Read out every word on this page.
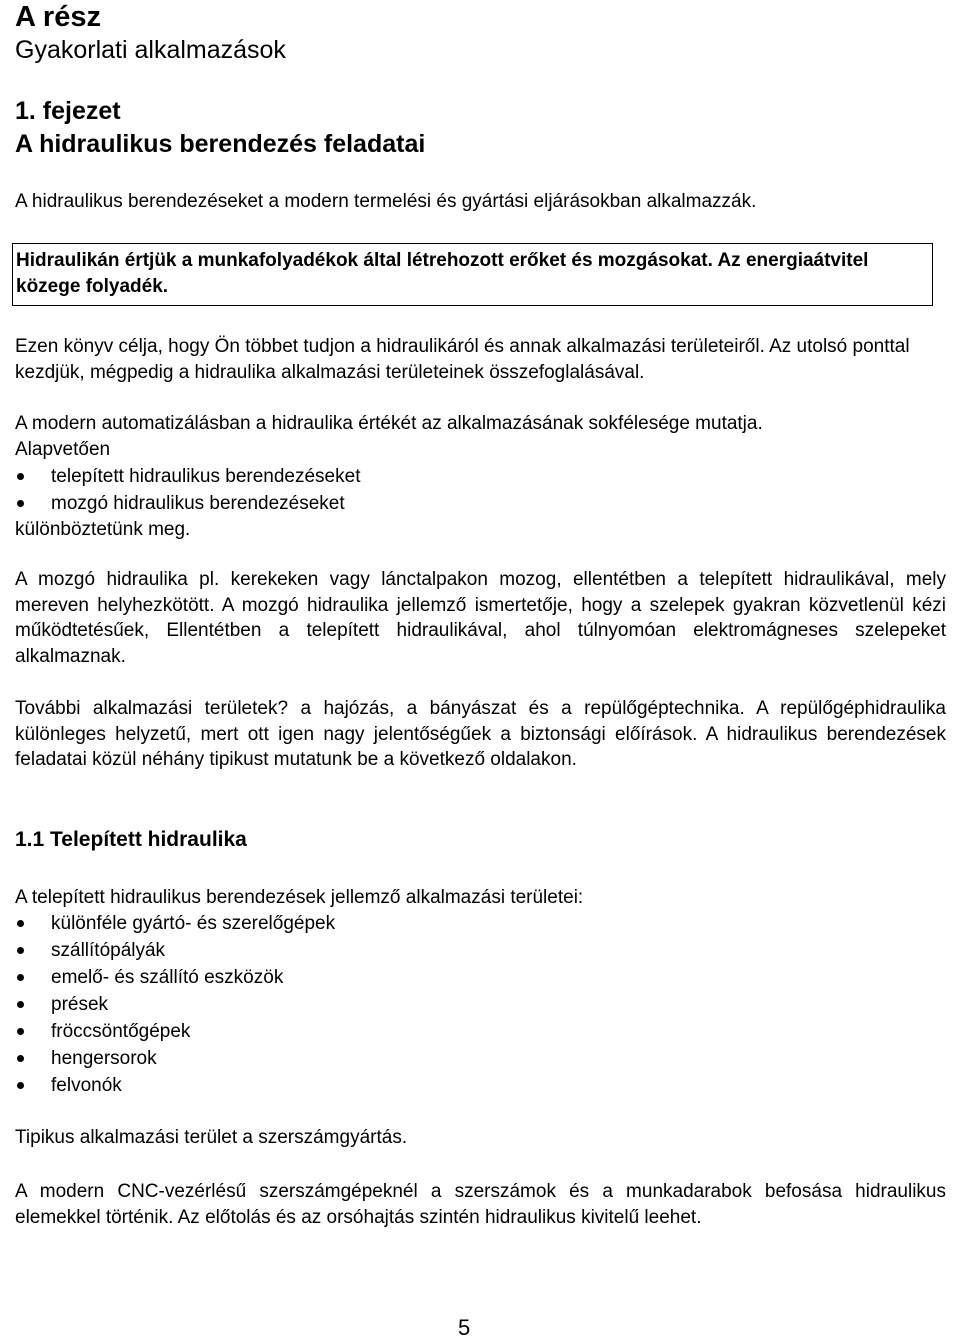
A rész
Gyakorlati alkalmazások
1. fejezet
A hidraulikus berendezés feladatai

A hidraulikus berendezéseket a modern termelési és gyártási eljárásokban alkalmazzák.

Hidraulikán értjük a munkafolyadékok által létrehozott erőket és mozgásokat. Az energiaátvitel közege folyadék.

Ezen könyv célja, hogy Ön többet tudjon a hidraulikáról és annak alkalmazási területeiről. Az utolsó ponttal kezdjük, mégpedig a hidraulika alkalmazási területeinek összefoglalásával.

A modern automatizálásban a hidraulika értékét az alkalmazásának sokfélesége mutatja.

Alapvetően

telepített hidraulikus berendezéseket
mozgó hidraulikus berendezéseket

különböztetünk meg.

A mozgó hidraulika pl. kerekeken vagy lánctalpakon mozog, ellentétben a telepített hidraulikával, mely mereven helyhezkötött. A mozgó hidraulika jellemző ismertetője, hogy a szelepek gyakran közvetlenül kézi működtetésűek, Ellentétben a telepített hidraulikával, ahol túlnyomóan elektromágneses szelepeket alkalmaznak.

További alkalmazási területek? a hajózás, a bányászat és a repülőgéptechnika. A repülőgéphidraulika különleges helyzetű, mert ott igen nagy jelentőségűek a biztonsági előírások. A hidraulikus berendezések feladatai közül néhány tipikust mutatunk be a következő oldalakon.

1.1 Telepített hidraulika

A telepített hidraulikus berendezések jellemző alkalmazási területei:

különféle gyártó- és szerelőgépek
szállítópályák
emelő- és szállító eszközök
prések
fröccsöntőgépek
hengersorok
felvonók

Tipikus alkalmazási terület a szerszámgyártás.

A modern CNC-vezérlésű szerszámgépeknél a szerszámok és a munkadarabok befosása hidraulikus elemekkel történik. Az előtolás és az orsóhajtás szintén hidraulikus kivitelű leehet.

5
